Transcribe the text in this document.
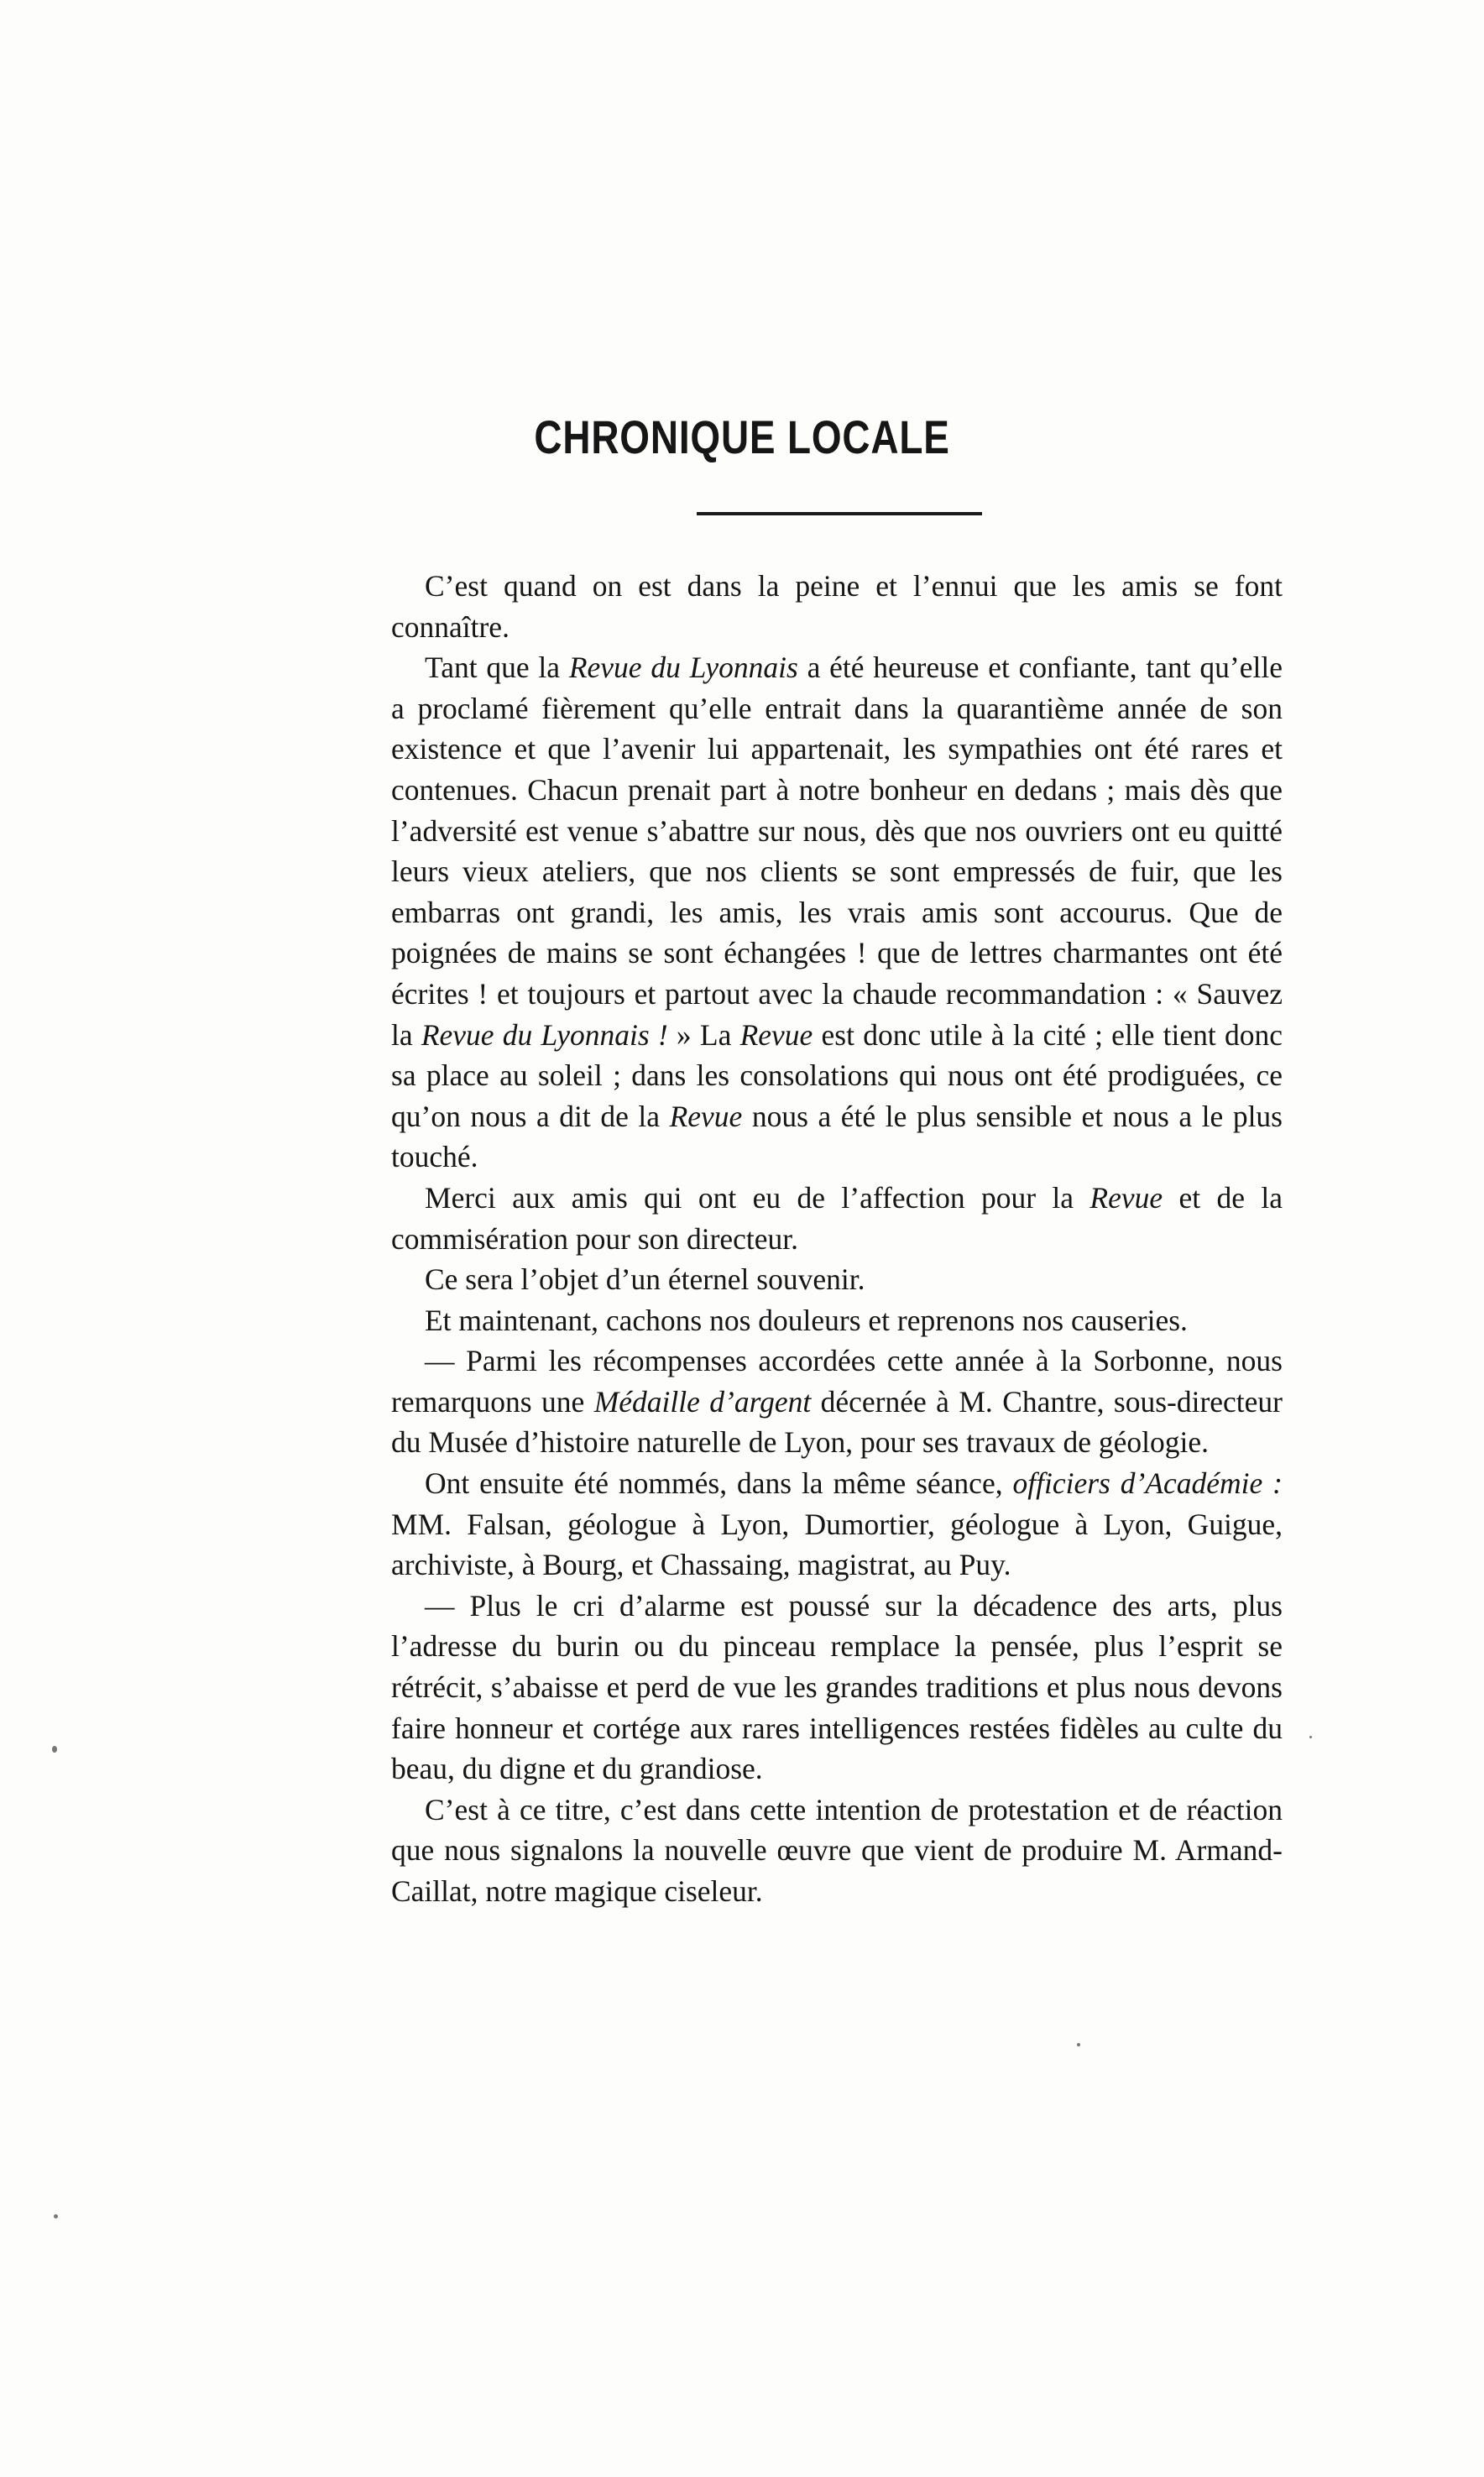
CHRONIQUE LOCALE

C’est quand on est dans la peine et l’ennui que les amis se font connaître.

Tant que la Revue du Lyonnais a été heureuse et confiante, tant qu’elle a proclamé fièrement qu’elle entrait dans la quarantième année de son existence et que l’avenir lui appartenait, les sympathies ont été rares et contenues. Chacun prenait part à notre bonheur en dedans ; mais dès que l’adversité est venue s’abattre sur nous, dès que nos ouvriers ont eu quitté leurs vieux ateliers, que nos clients se sont empressés de fuir, que les embarras ont grandi, les amis, les vrais amis sont accourus. Que de poignées de mains se sont échangées ! que de lettres charmantes ont été écrites ! et toujours et partout avec la chaude recommandation : « Sauvez la Revue du Lyonnais ! » La Revue est donc utile à la cité ; elle tient donc sa place au soleil ; dans les consolations qui nous ont été prodiguées, ce qu’on nous a dit de la Revue nous a été le plus sensible et nous a le plus touché.

Merci aux amis qui ont eu de l’affection pour la Revue et de la commisération pour son directeur.

Ce sera l’objet d’un éternel souvenir.

Et maintenant, cachons nos douleurs et reprenons nos causeries.

— Parmi les récompenses accordées cette année à la Sorbonne, nous remarquons une Médaille d’argent décernée à M. Chantre, sous-directeur du Musée d’histoire naturelle de Lyon, pour ses travaux de géologie.

Ont ensuite été nommés, dans la même séance, officiers d’Académie : MM. Falsan, géologue à Lyon, Dumortier, géologue à Lyon, Guigue, archiviste, à Bourg, et Chassaing, magistrat, au Puy.

— Plus le cri d’alarme est poussé sur la décadence des arts, plus l’adresse du burin ou du pinceau remplace la pensée, plus l’esprit se rétrécit, s’abaisse et perd de vue les grandes traditions et plus nous devons faire honneur et cortége aux rares intelligences restées fidèles au culte du beau, du digne et du grandiose.

C’est à ce titre, c’est dans cette intention de protestation et de réaction que nous signalons la nouvelle œuvre que vient de produire M. Armand-Caillat, notre magique ciseleur.
